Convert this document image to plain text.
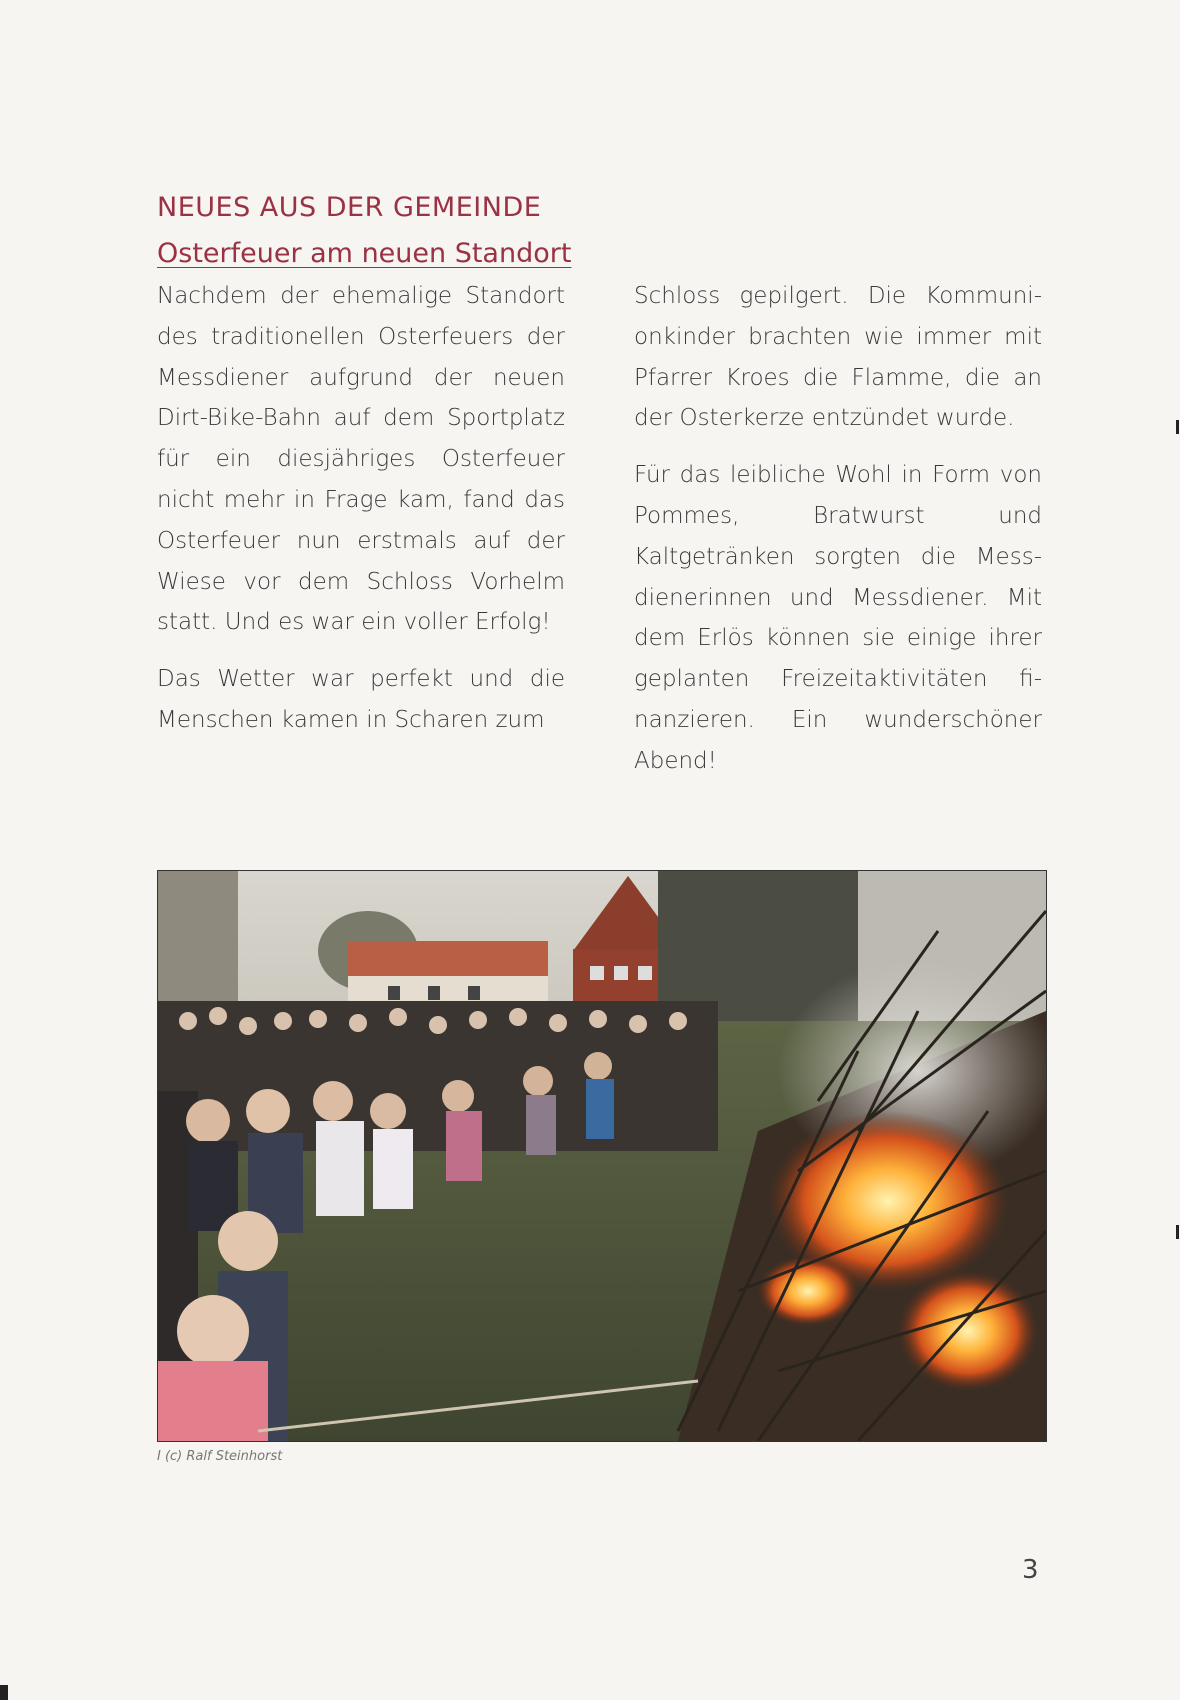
NEUES AUS DER GEMEINDE
Osterfeuer am neuen Standort

Nachdem der ehemalige Standort des traditionellen Osterfeuers der Messdiener aufgrund der neuen Dirt-Bike-Bahn auf dem Sportplatz für ein diesjähriges Osterfeuer nicht mehr in Frage kam, fand das Osterfeuer nun erstmals auf der Wiese vor dem Schloss Vorhelm statt. Und es war ein voller Erfolg!

Das Wetter war perfekt und die Menschen kamen in Scharen zum

Schloss gepilgert. Die Kommunionkinder brachten wie immer mit Pfarrer Kroes die Flamme, die an der Osterkerze entzündet wurde.

Für das leibliche Wohl in Form von Pommes, Bratwurst und Kaltgetränken sorgten die Messdienerinnen und Messdiener. Mit dem Erlös können sie einige ihrer geplanten Freizeitaktivitäten finanzieren. Ein wunderschöner Abend!

I (c) Ralf Steinhorst
3
